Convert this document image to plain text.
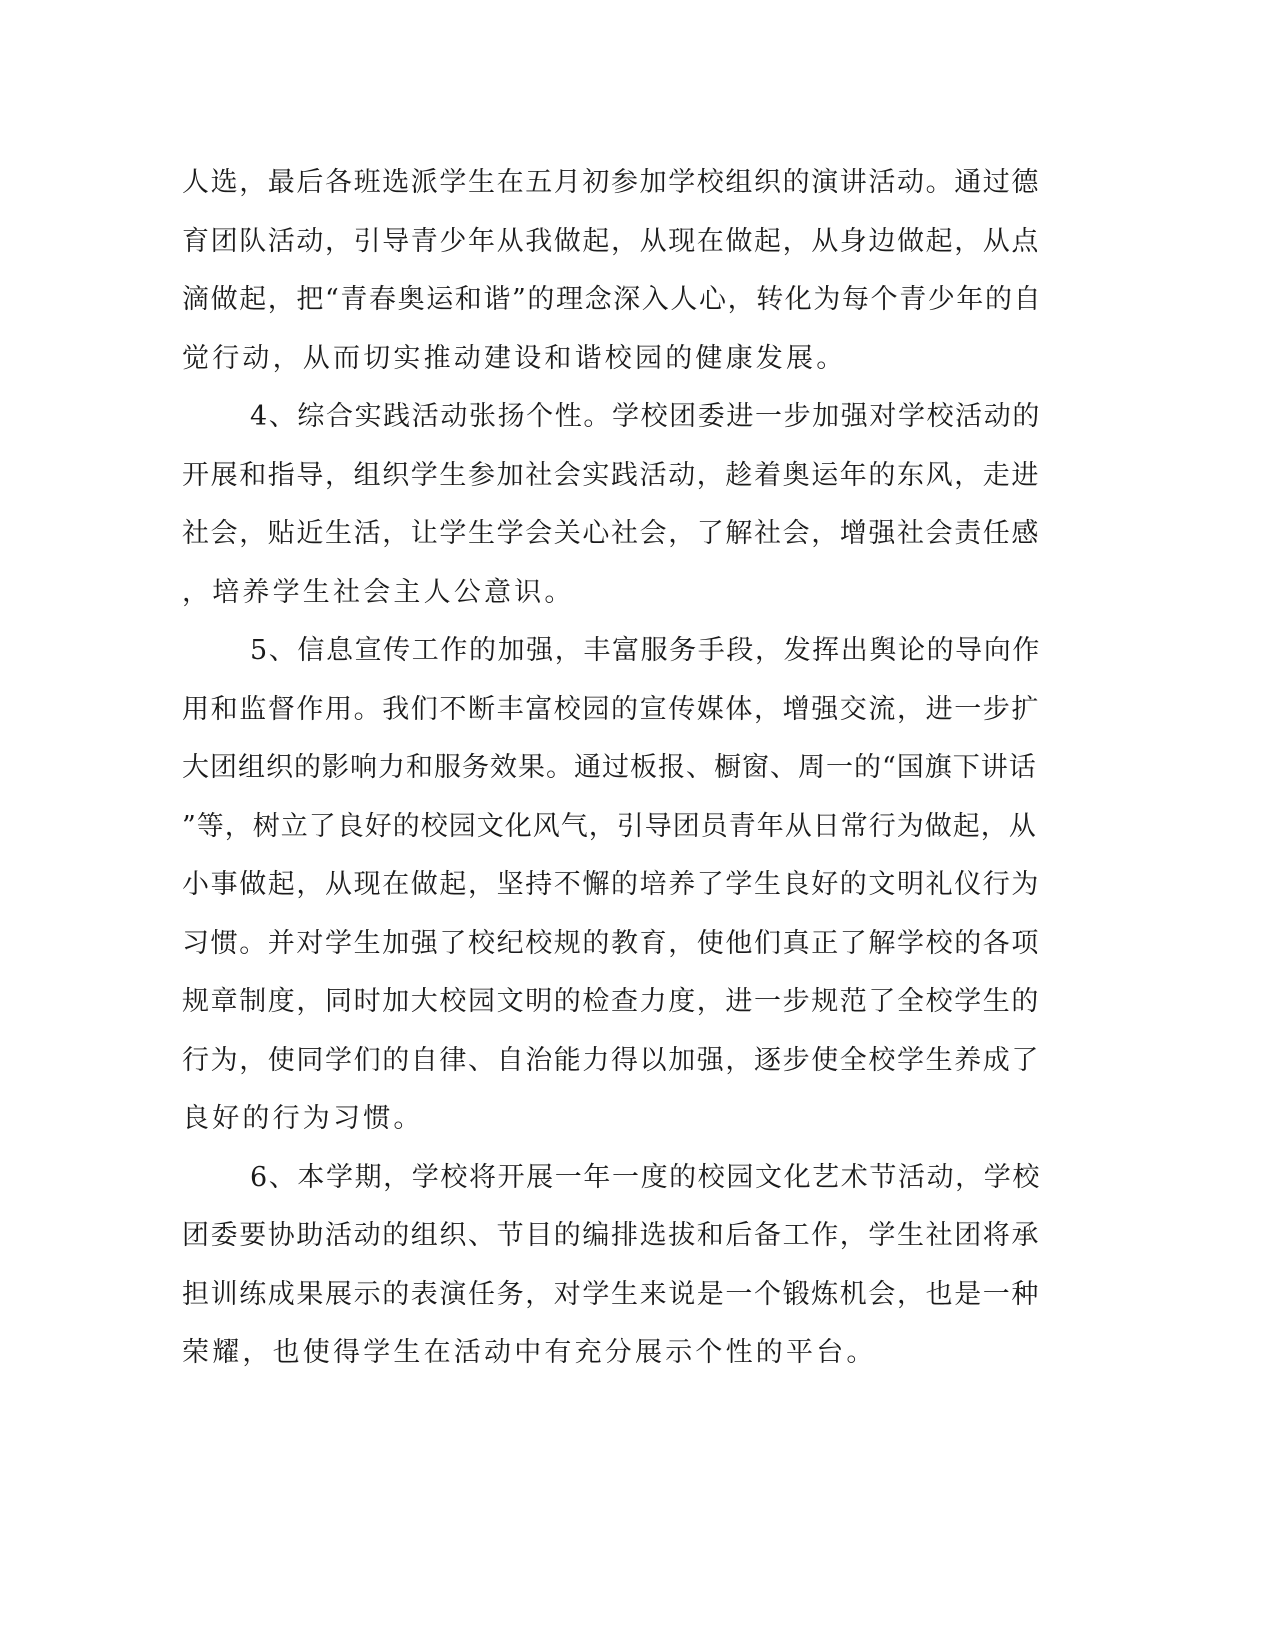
人选，最后各班选派学生在五月初参加学校组织的演讲活动。通过德
育团队活动，引导青少年从我做起，从现在做起，从身边做起，从点
滴做起，把“青春奥运和谐”的理念深入人心，转化为每个青少年的自
觉行动，从而切实推动建设和谐校园的健康发展。
4、综合实践活动张扬个性。学校团委进一步加强对学校活动的
开展和指导，组织学生参加社会实践活动，趁着奥运年的东风，走进
社会，贴近生活，让学生学会关心社会，了解社会，增强社会责任感
，培养学生社会主人公意识。
5、信息宣传工作的加强，丰富服务手段，发挥出舆论的导向作
用和监督作用。我们不断丰富校园的宣传媒体，增强交流，进一步扩
大团组织的影响力和服务效果。通过板报、橱窗、周一的“国旗下讲话
”等，树立了良好的校园文化风气，引导团员青年从日常行为做起，从
小事做起，从现在做起，坚持不懈的培养了学生良好的文明礼仪行为
习惯。并对学生加强了校纪校规的教育，使他们真正了解学校的各项
规章制度，同时加大校园文明的检查力度，进一步规范了全校学生的
行为，使同学们的自律、自治能力得以加强，逐步使全校学生养成了
良好的行为习惯。
6、本学期，学校将开展一年一度的校园文化艺术节活动，学校
团委要协助活动的组织、节目的编排选拔和后备工作，学生社团将承
担训练成果展示的表演任务，对学生来说是一个锻炼机会，也是一种
荣耀，也使得学生在活动中有充分展示个性的平台。
